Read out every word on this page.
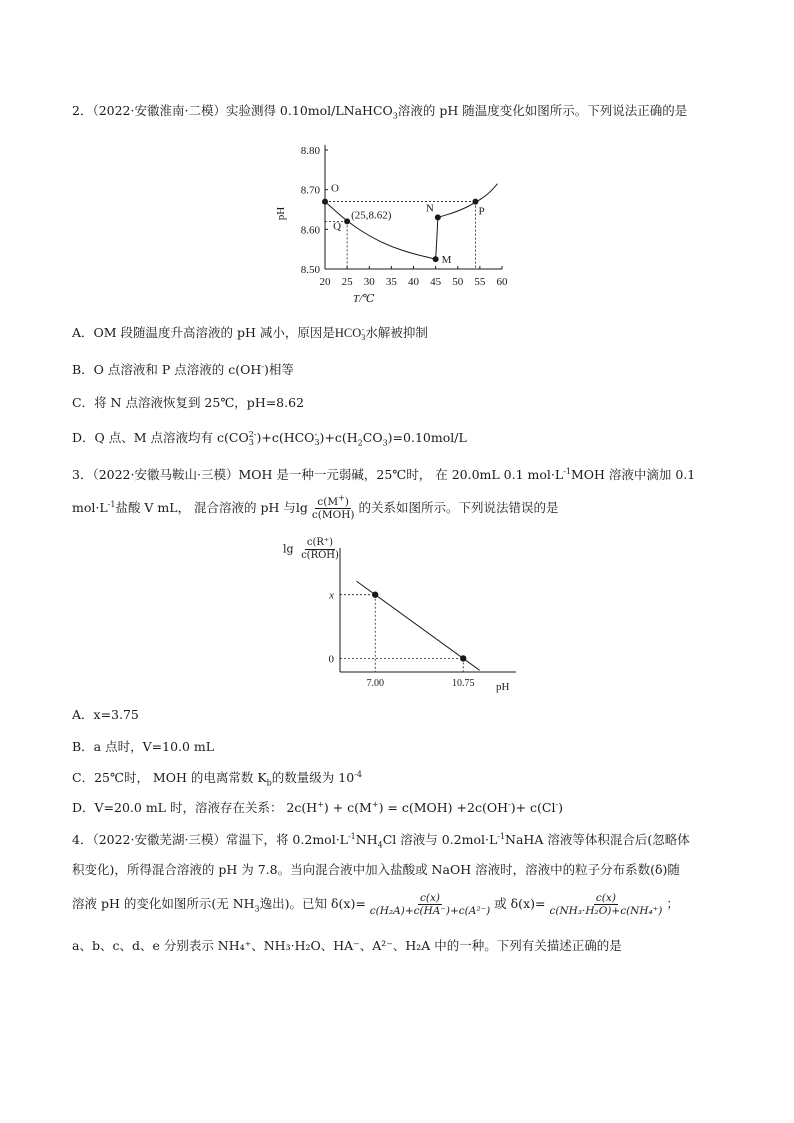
2．（2022·安徽淮南·二模）实验测得 0.10mol/LNaHCO$_3$溶液的 pH 随温度变化如图所示。下列说法正确的是
20 25 30 35 40 45 50 55 60
8.80
8.70
8.60
8.50
T/℃
pH
O
Q
M
N	P
(25,8.62)
pH
7.00
x
10.75
0
A．OM 段随温度升高溶液的 pH 减小，原因是HCO -
3 水解被抑制
B．O 点溶液和 P 点溶液的 c(OH-)相等
C．将 N 点溶液恢复到 25℃，pH=8.62
D．Q 点、M 点溶液均有 c(CO 2-
3 )+c(HCO -
3 )$+c(H_2CO_3)=0.10mol/L$
3．（2022·安徽马鞍山·三模）MOH 是一种一元弱碱，25℃时， 在 20.0mL 0.1 $mol\cdot L^{-1}MOH$ 溶液中滴加 0.1
$mol\cdot L^{-1}$盐酸 V mL， 混合溶液的 pH 与$\lg \frac{c(M^+)}{\text{c(MOH)}}$ 的关系如图所示。下列说法错误的是
$\lg \frac{c(R^+)}{\text{c(ROH)}}$
A．x=3.75
B．a 点时，V=10.0 mL
C．25℃时， MOH 的电离常数 $K_b$的数量级为 $10^{-4}$
D．V=20.0 mL 时，溶液存在关系： 2c(H+) + c(M+) = c(MOH) +2c(OH-)+ c(Cl-)
4．（2022·安徽芜湖·三模）常温下，将 $0.2mol\cdot L^{-1}NH_4Cl$ 溶液与 $0.2mol\cdot L^{-1}NaHA$ 溶液等体积混合后(忽略体
积变化)，所得混合溶液的 pH 为 7.8。当向混合液中加入盐酸或 NaOH 溶液时，溶液中的粒子分布系数(δ)随
溶液 pH 的变化如图所示(无 $NH_3$逸出)。已知 $\delta(x)= \frac{c(x)}{\text{c(H₂A)+c(HA⁻)+c(A²⁻)}}$ 或 $\delta(x)= \frac{c(x)}{\text{c(NH₃·H₂O)+c(NH₄⁺)}}$ ；
a、b、c、d、e 分别表示 NH₄⁺、NH₃·H₂O、HA⁻、A²⁻、H₂A 中的一种。下列有关描述正确的是
